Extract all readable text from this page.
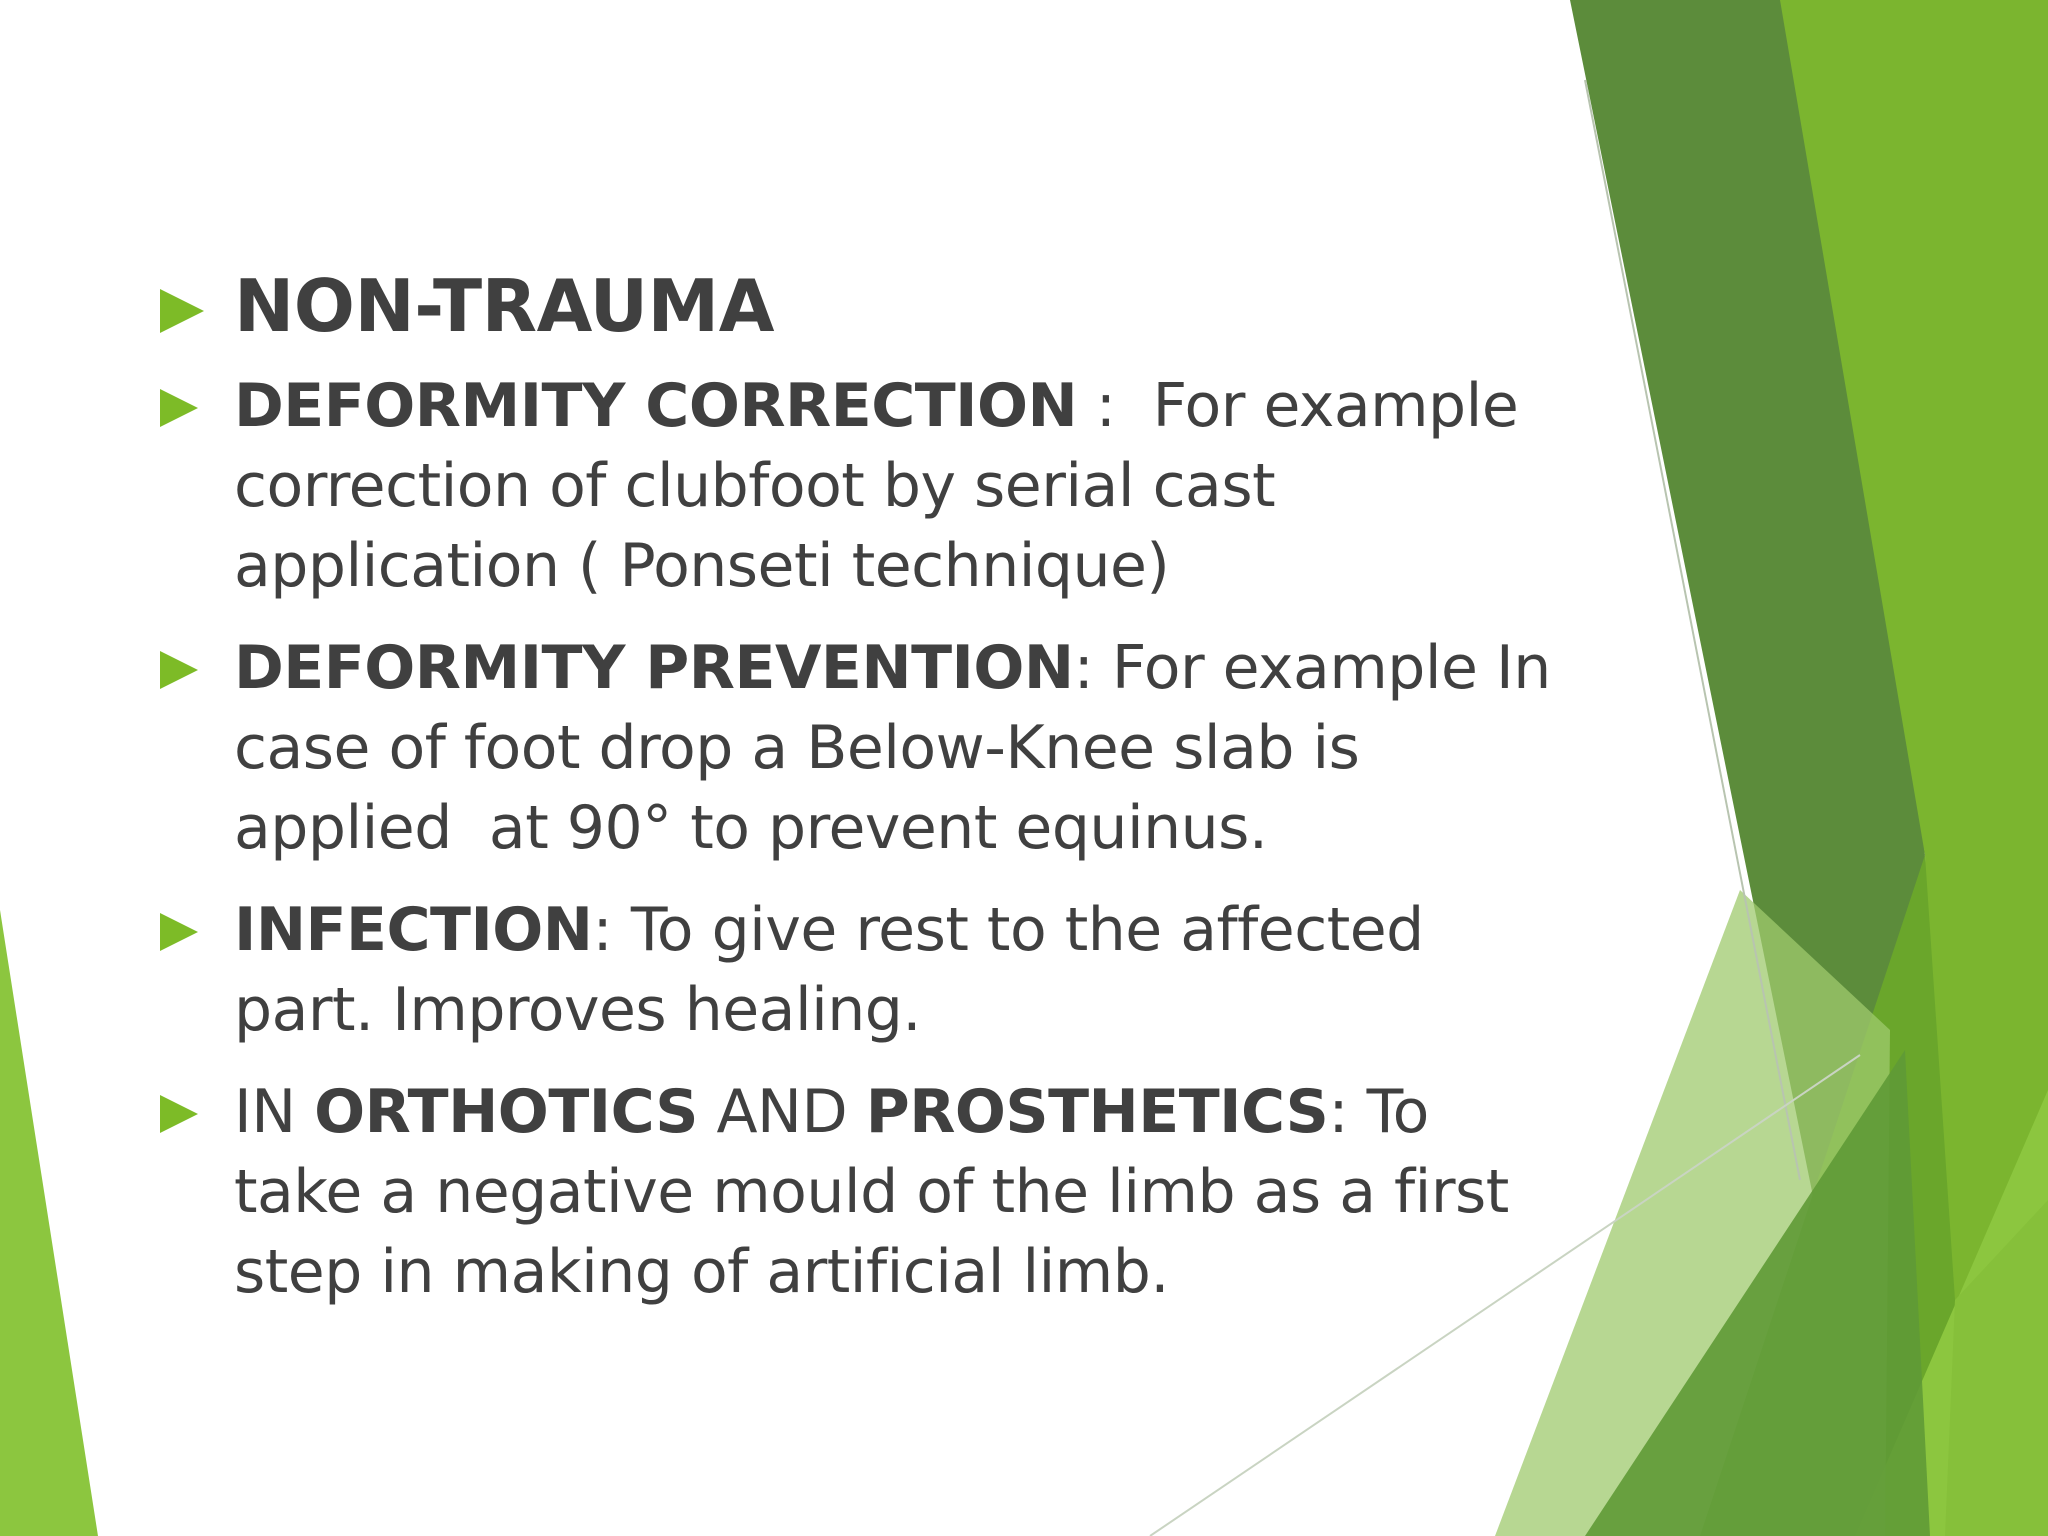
NON-TRAUMA
DEFORMITY CORRECTION :  For example correction of clubfoot by serial cast application ( Ponseti technique)
DEFORMITY PREVENTION: For example In case of foot drop a Below-Knee slab is applied  at 90° to prevent equinus.
INFECTION: To give rest to the affected part. Improves healing.
IN ORTHOTICS AND PROSTHETICS: To take a negative mould of the limb as a first step in making of artificial limb.
